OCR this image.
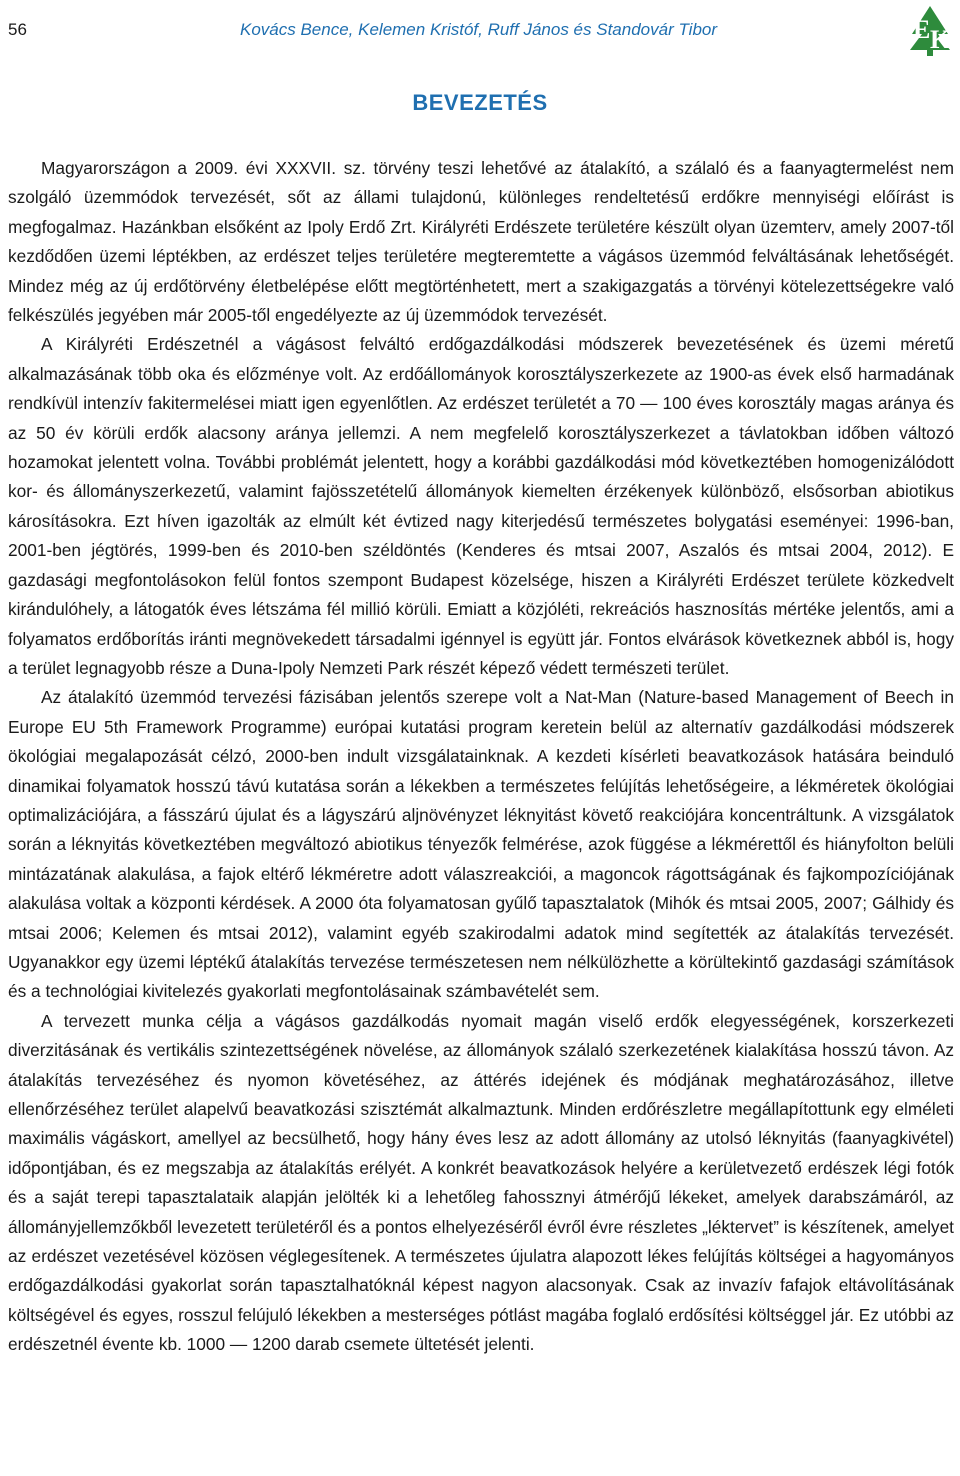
56	Kovács Bence, Kelemen Kristóf, Ruff János és Standovár Tibor	E K
BEVEZETÉS

Magyarországon a 2009. évi XXXVII. sz. törvény teszi lehetővé az átalakító, a szálaló és a faanyagtermelést nem szolgáló üzemmódok tervezését, sőt az állami tulajdonú, különleges rendeltetésű erdőkre mennyiségi előírást is megfogalmaz. Hazánkban elsőként az Ipoly Erdő Zrt. Királyréti Erdészete területére készült olyan üzemterv, amely 2007-től kezdődően üzemi léptékben, az erdészet teljes területére megteremtette a vágásos üzemmód felváltásának lehetőségét. Mindez még az új erdőtörvény életbelépése előtt megtörténhetett, mert a szakigazgatás a törvényi kötelezettségekre való felkészülés jegyében már 2005-től engedélyezte az új üzemmódok tervezését.

A Királyréti Erdészetnél a vágásost felváltó erdőgazdálkodási módszerek bevezetésének és üzemi méretű alkalmazásának több oka és előzménye volt. Az erdőállományok korosztályszerkezete az 1900-as évek első harmadának rendkívül intenzív fakitermelései miatt igen egyenlőtlen. Az erdészet területét a 70 — 100 éves korosztály magas aránya és az 50 év körüli erdők alacsony aránya jellemzi. A nem megfelelő korosztályszerkezet a távlatokban időben változó hozamokat jelentett volna. További problémát jelentett, hogy a korábbi gazdálkodási mód következtében homogenizálódott kor- és állományszerkezetű, valamint fajösszetételű állományok kiemelten érzékenyek különböző, elsősorban abiotikus károsításokra. Ezt híven igazolták az elmúlt két évtized nagy kiterjedésű természetes bolygatási eseményei: 1996-ban, 2001-ben jégtörés, 1999-ben és 2010-ben széldöntés (Kenderes és mtsai 2007, Aszalós és mtsai 2004, 2012). E gazdasági megfontolásokon felül fontos szempont Budapest közelsége, hiszen a Királyréti Erdészet területe közkedvelt kirándulóhely, a látogatók éves létszáma fél millió körüli. Emiatt a közjóléti, rekreációs hasznosítás mértéke jelentős, ami a folyamatos erdőborítás iránti megnövekedett társadalmi igénnyel is együtt jár. Fontos elvárások következnek abból is, hogy a terület legnagyobb része a Duna-Ipoly Nemzeti Park részét képező védett természeti terület.

Az átalakító üzemmód tervezési fázisában jelentős szerepe volt a Nat-Man (Nature-based Management of Beech in Europe EU 5th Framework Programme) európai kutatási program keretein belül az alternatív gazdálkodási módszerek ökológiai megalapozását célzó, 2000-ben indult vizsgálatainknak. A kezdeti kísérleti beavatkozások hatására beinduló dinamikai folyamatok hosszú távú kutatása során a lékekben a természetes felújítás lehetőségeire, a lékméretek ökológiai optimalizációjára, a fásszárú újulat és a lágyszárú aljnövényzet léknyitást követő reakciójára koncentráltunk. A vizsgálatok során a léknyitás következtében megváltozó abiotikus tényezők felmérése, azok függése a lékmérettől és hiányfolton belüli mintázatának alakulása, a fajok eltérő lékméretre adott válaszreakciói, a magoncok rágottságának és fajkompozíciójának alakulása voltak a központi kérdések. A 2000 óta folyamatosan gyűlő tapasztalatok (Mihók és mtsai 2005, 2007; Gálhidy és mtsai 2006; Kelemen és mtsai 2012), valamint egyéb szakirodalmi adatok mind segítették az átalakítás tervezését. Ugyanakkor egy üzemi léptékű átalakítás tervezése természetesen nem nélkülözhette a körültekintő gazdasági számítások és a technológiai kivitelezés gyakorlati megfontolásainak számbavételét sem.

A tervezett munka célja a vágásos gazdálkodás nyomait magán viselő erdők elegyességének, korszerkezeti diverzitásának és vertikális szintezettségének növelése, az állományok szálaló szerkezetének kialakítása hosszú távon. Az átalakítás tervezéséhez és nyomon követéséhez, az áttérés idejének és módjának meghatározásához, illetve ellenőrzéséhez terület alapelvű beavatkozási szisztémát alkalmaztunk. Minden erdőrészletre megállapítottunk egy elméleti maximális vágáskort, amellyel az becsülhető, hogy hány éves lesz az adott állomány az utolsó léknyitás (faanyagkivétel) időpontjában, és ez megszabja az átalakítás erélyét. A konkrét beavatkozások helyére a kerületvezető erdészek légi fotók és a saját terepi tapasztalataik alapján jelölték ki a lehetőleg fahossznyi átmérőjű lékeket, amelyek darabszámáról, az állományjellemzőkből levezetett területéről és a pontos elhelyezéséről évről évre részletes „léktervet” is készítenek, amelyet az erdészet vezetésével közösen véglegesítenek. A természetes újulatra alapozott lékes felújítás költségei a hagyományos erdőgazdálkodási gyakorlat során tapasztalhatóknál képest nagyon alacsonyak. Csak az invazív fafajok eltávolításának költségével és egyes, rosszul felújuló lékekben a mesterséges pótlást magába foglaló erdősítési költséggel jár. Ez utóbbi az erdészetnél évente kb. 1000 — 1200 darab csemete ültetését jelenti.
